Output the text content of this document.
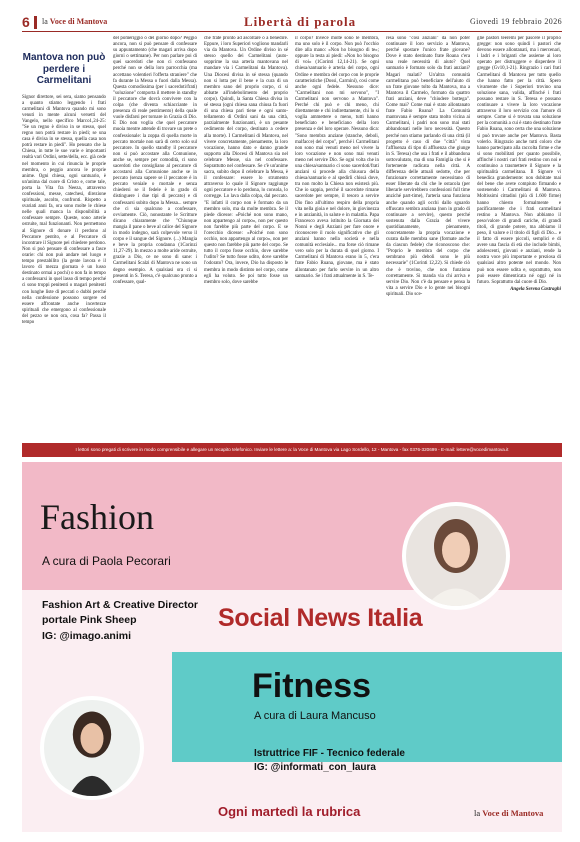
6 la Voce di Mantova	Libertà di parola	Giovedì 19 febbraio 2026
Mantova non può perdere i Carmelitani

Signor direttore, sei sera, siamo pensando a quanto stiamo leggendo i frati carmelitani di Mantova quando mi sono venuti in mente alcuni versetti del Vangelo, nello specifico Marco1,24-25: "Se un regno è diviso in se stesso, quel regno non potrà restare in piedi; se una casa è divisa in se stessa, quella casa non potrà restare in piedi". Ho pensato che la Chiesa, in tutte le sue varie e importanti realtà vari Ordini, sette/della, ecc. già cede nel momento in cui rinuncia le proprie membra, o peggio ancora le proprie anime. Ogni chiesa, ogni santuario, è un'anima dal cuore di Cristo e, come tale, porta la Vita fra Neeza, attraverso confessioni, messe, catechesi, direzione spirituale, ascolto, confronti. Rispetto a svariati anni fa, ora sono molte le chiese nelle quali manca la disponibilità a confessare sempre. Queste, sono arterie ostruite, mal funzionanti. Non permettono al Signore di donare il perdono al Peccatore pentito, e al Peccatore di incontrare il Signore pei chiedere perdono. Non si può pensare di confessare a fasce orarie: chi non può andare nel luogo e tempo prestabilito (la gente lavora e il lavoro di mezza giornata è un lusso destinato ormai a pochi) o non fa in tempo a confessarsi in quel lasso di tempo perché ci sono troppi penitenti o magari penitenti con lunghe liste di peccati o dubbi perché nella confessione possono sorgere ed essere affrontate anche incertezze spirituali che emergono al confessionale del pezzo se non ora, cosa fa? Passa il tempo

del pomeriggio o del giorno dopo? Peggio ancora, non si può pensare di confessare su appuntamento (che magari arriva dopo giorni o settimane). Per non parlare poi di quei sacerdoti che non ci confessano perché non se della loro parrocchia (ma accettano volentieri l'offerta straniere" che fa durante la Messa o fuori dalla Messa). Questa comodissima (per i sacerdoti/frati) "soluzione" comporta il mettere in standby il peccatore che dovrà convivere con la colpa (che diventa schiacciante in presenza di reale pentimento) della quale vuole disfarsi per tornare in Grazia di Dio. E Dio non voglia che quel peccatore muoia mentre attende di trovare un prete o confessionale: la zoppa di quella morte in peccato mortale non sarà di certo solo sul peccatore. In quello standby il peccatore non si può accostare alla Comunione, anche se, sempre per comodità, ci sono sacerdoti che consigliano al peccatore di accostarsi alla Comunione anche se in peccato (senza sapere se il peccatore è in peccato veniale o mortale e senza chiedersi se il fedele è in grado di distinguere i due tipi di peccato) e di confessarsi subito dopo la Messa... sempre che ci sia qualcuno a confessare, ovviamente. Ciò, nonostante le Scritture dicano chiaramente che "Chiunque mangia il pane o beve al calice del Signore in modo indegno, sarà colpevole verso il corpo e il sangue del Signore. (...) Mangia e beve la propria condanna (1Corinzi 11,27-29). In mezzo a molte aride ostruite, grazie a Dio, ce ne sono di sane: i Carmelitani Scalzi di Mantova ne sono un degno esempio. A qualsiasi ora ci si presenti in S. Teresa, c'è qualcuno pronto a confessare, qual-

che frate pronto ad ascoltare o a benedire. Eppure, i loro Superiori vogliono mandarli via da Mantova. Un Ordine diviso in sé stesso quello dei Carmelitani (auto-sopprime la sua arteria mantovana nel mandare via i Carmelitani da Mantova). Una Diocesi divisa in sé stessa (quando non si lotta per il bene e la cura di un membro sano del proprio corpo, ci si abbatte all'indebolimento del proprio corpo). Quindi, la Santa Chiesa divisa in sé stessa (ogni chiesa sana chiusa fa fuori di una chiesa pari tiene e ogni santo-tellamento di Ordini sani da una città, parzialmente funzionanti, è un pesante cedimento del corpo, destinato a cedere alla morte). I Carmelitani di Mantova, nel vivere concretamente, pienamente, la loro vocazione, hanno dato e danno grande supporto alla Diocesi di Mantova sia nel celebrare Messe, sia nel confessare. Soprattutto nel confessare. Se c'è un'anime sacra, subito dopo il celebrare la Messa, è il confessare: essere lo strumento attraverso lo quale il Signore raggiunge ogni peccatore e lo perdona, lo consola, lo corregge. Lo lava dalla colpa, dal peccato. "E infatti il corpo non è formato da un membro solo, ma da molte membra. Se il piede dicesse: «Poiché non sono mano, non appartengo al corpo», non per questo non farebbe più parte del corpo. E se l'orecchio dicesse: «Poiché non sono occhio, non appartengo al corpo», non per questo non farebbe più parte del corpo. Se tutto il corpo fosse occhio, dove sarebbe l'udito? Se tutto fosse udito, dove sarebbe l'odorato? Ora, invece, Dio ha disposto le membra in modo distinto nel corpo, come egli ha voluto. Se poi tutto fosse un membro solo, dove sarebbe

il corpo? Invece molte sono le membra, ma uno solo è il corpo. Non può l'occhio dire alla mano: «Non ho bisogno di te»; oppure la testa ai piedi: «Non ho bisogno di voi» (1Corinti 12,14-21). Se ogni chiesa/santuario è arteria del corpo, ogni Ordine e membra del corpo con le proprie caratteristiche (Dossi, Carmini), così come anche ogni fedele. Nessuno dice: "Carmelitani non mi servono", "I Carmelitani non servono a Mantova". Perché chi può e chi meno, chi direttamente e chi indirettamente, chi lo si voglia ammettere o meno, tutti hanno beneficiato e beneficiano della loro presenza e del loro operare. Nessuno dica: "Sono membra anziane (stanche, deboli, malfacce) del corpo", perché i Carmelitani non sono mai venuti meno nel vivere la loro vocazione e non sono mai venuti meno nel servire Dio. Se ogni volta che in una chiesa/santuario ci sono sacerdoti/frati anziani si procede alla chiusura della chiesa/santuario e al spedirli chissà dove, tra non molto la Chiesa non esisterà più. Che io sappia, perché il sacerdote rimane sacerdote per sempre, il tesoro a servire Dio fino all'ultimo respiro della propria vita nella gioia e nel dolore, in giovinezza e in anzianità, in salute e in malattia. Papa Francesco aveva istituito la Giornata dei Nonni e degli Anziani per fare onore e riconoscere il ruolo significativo che gli anziani hanno nella società e nella comunità ecclesiale... ma forse ciò rimane vero solo per la durata di quel giorno. I Carmelitani di Mantova erano in 5, c'era frate Fabio Ruana, giovane, ma è stato allontanato per farlo servire in un altro santuario. Se i frati attualmente in S. Te-

resa sono "così anziani" da non poter continuare il loro servizio a Mantova, perché spostare l'unico frate giovane? Dove è stato destinato frate Roana c'era una reale necessità di aiuto? Quel santuario è formato solo da frati anziani? Magari malati? Un'altra comunità carmelitana può beneficiare dell'aiuto di un frate giovane tolto da Mantova, ma a Mantova il Carmelo, formato da quattro frati anziani, deve "chiudere bottega". Come mai? Come mai è stato allontanato frate Fabio Roana? La Comunità mantovana è sempre stata molto vicina ai Carmelitani, i padri non sono mai stati abbandonati nelle loro necessità. Questo perché non stiamo parlando di una città (il progetto è caso di due "città" vista l'affluenza di tipo di affluenza che giunge in S. Teresa) che usa i frati e il abbandona sottovalutato, ma di una Famiglia che si è fortemente radicata nella città. A differenza delle attuali sedotte, che per funzionare correttamente necessitano di esser liberate da chi che le ostacola (per liberarle servirebbero confessioni full time anziché part-time), l'arteria sana funziona anche quando agli occhi dallo sguardo offuscato sembra anziana (non in grado di continuare a servire), questo perché sostenuta dalla Grazia del vivere quotidianamente, pienamente, concretamente la propria vocazione e curata dalle membra sane (formate anche da ciascun fedele) che riconoscono che: "Proprio le membra del corpo che sembrano più deboli sono le più necessarie" (1Corinti 12,22). Si chiede ciò che è trovino, che non funziona correttamente. Si manda via chi arriva e servire Dio. Non c'è da pensare e pensa la vita a servire Dio e lo gente nei bisogni spirituali. Dio sce-

glie pastori teeremi per pascere il proprio gregge: non sono quindi i pastori che devono essere allontanati, ma i mercenari, i ladri e i briganti che assieme ai loro operato per distruggere e disperdere il gregge (Gv10,1-21). Ringrazio i cari frati Carmelitani di Mantova per tutto quello che hanno fatto per la città. Spero vivamente che i Superiori trovino una soluzione sana, valida, affinché i frati possano restare in S. Teresa e possano continuare a vivere la loro vocazione attraverso il loro servizio con l'amore di sempre. Come si è trovata una soluzione per la comunità a cui è stato destinato frate Fabio Roana, sono certa che una soluzione si può trovare anche per Mantova. Basta volerlo. Ringrazio anche tutti coloro che hanno partecipato alla raccolta firme e che si sono mobilitati per quanto possibile, affinché i nostri cari frati restino con noi e continuino a trasmettere il Signore e la spiritualità carmelitana. Il Signore vi benedica grandemente: non dubitate mai del bene che avete compiuto firmando e sostenendo i Carmelitani di Mantova. Moltissimi cittadini (più di 1.600 firme) hanno chiesto formalmente e pacificamente che i frati carmelitani restino a Mantova. Non abbiamo il peso/valore di grandi cariche, di grandi titoli, di grande potere, ma abbiamo il peso, il valore e il titolo di figli di Dio... e il fatto di essere piccoli, semplici e di avere una fascia di età che include bimbi, adolescenti, giovani e anziani, rende la nostra voce più importante e preziosa di qualsiasi altro potente nel mondo. Non può non essere udita e, soprattutto, non può essere dimenticata né oggi né in futuro. Soprattutto dal cuore di Dio.

Angela Serena Castraghi

I lettori sono pregati di scrivere in modo comprensibile e allegare un recapito telefonico. Inviare le lettere a: la Voce di Mantova via Lago Sordello, 12 - Mantova - fax 0376-320699 - E-mail: lettere@vocedimantova.it
Fashion
A cura di Paola Pecorari
Fashion Art & Creative Director
portale Pink Sheep
IG: @imago.animi
Social News Italia
Fitness
A cura di Laura Mancuso
Istruttrice FIF - Tecnico federale
IG: @informati_con_laura
Ogni martedì la rubrica	la Voce di Mantova
